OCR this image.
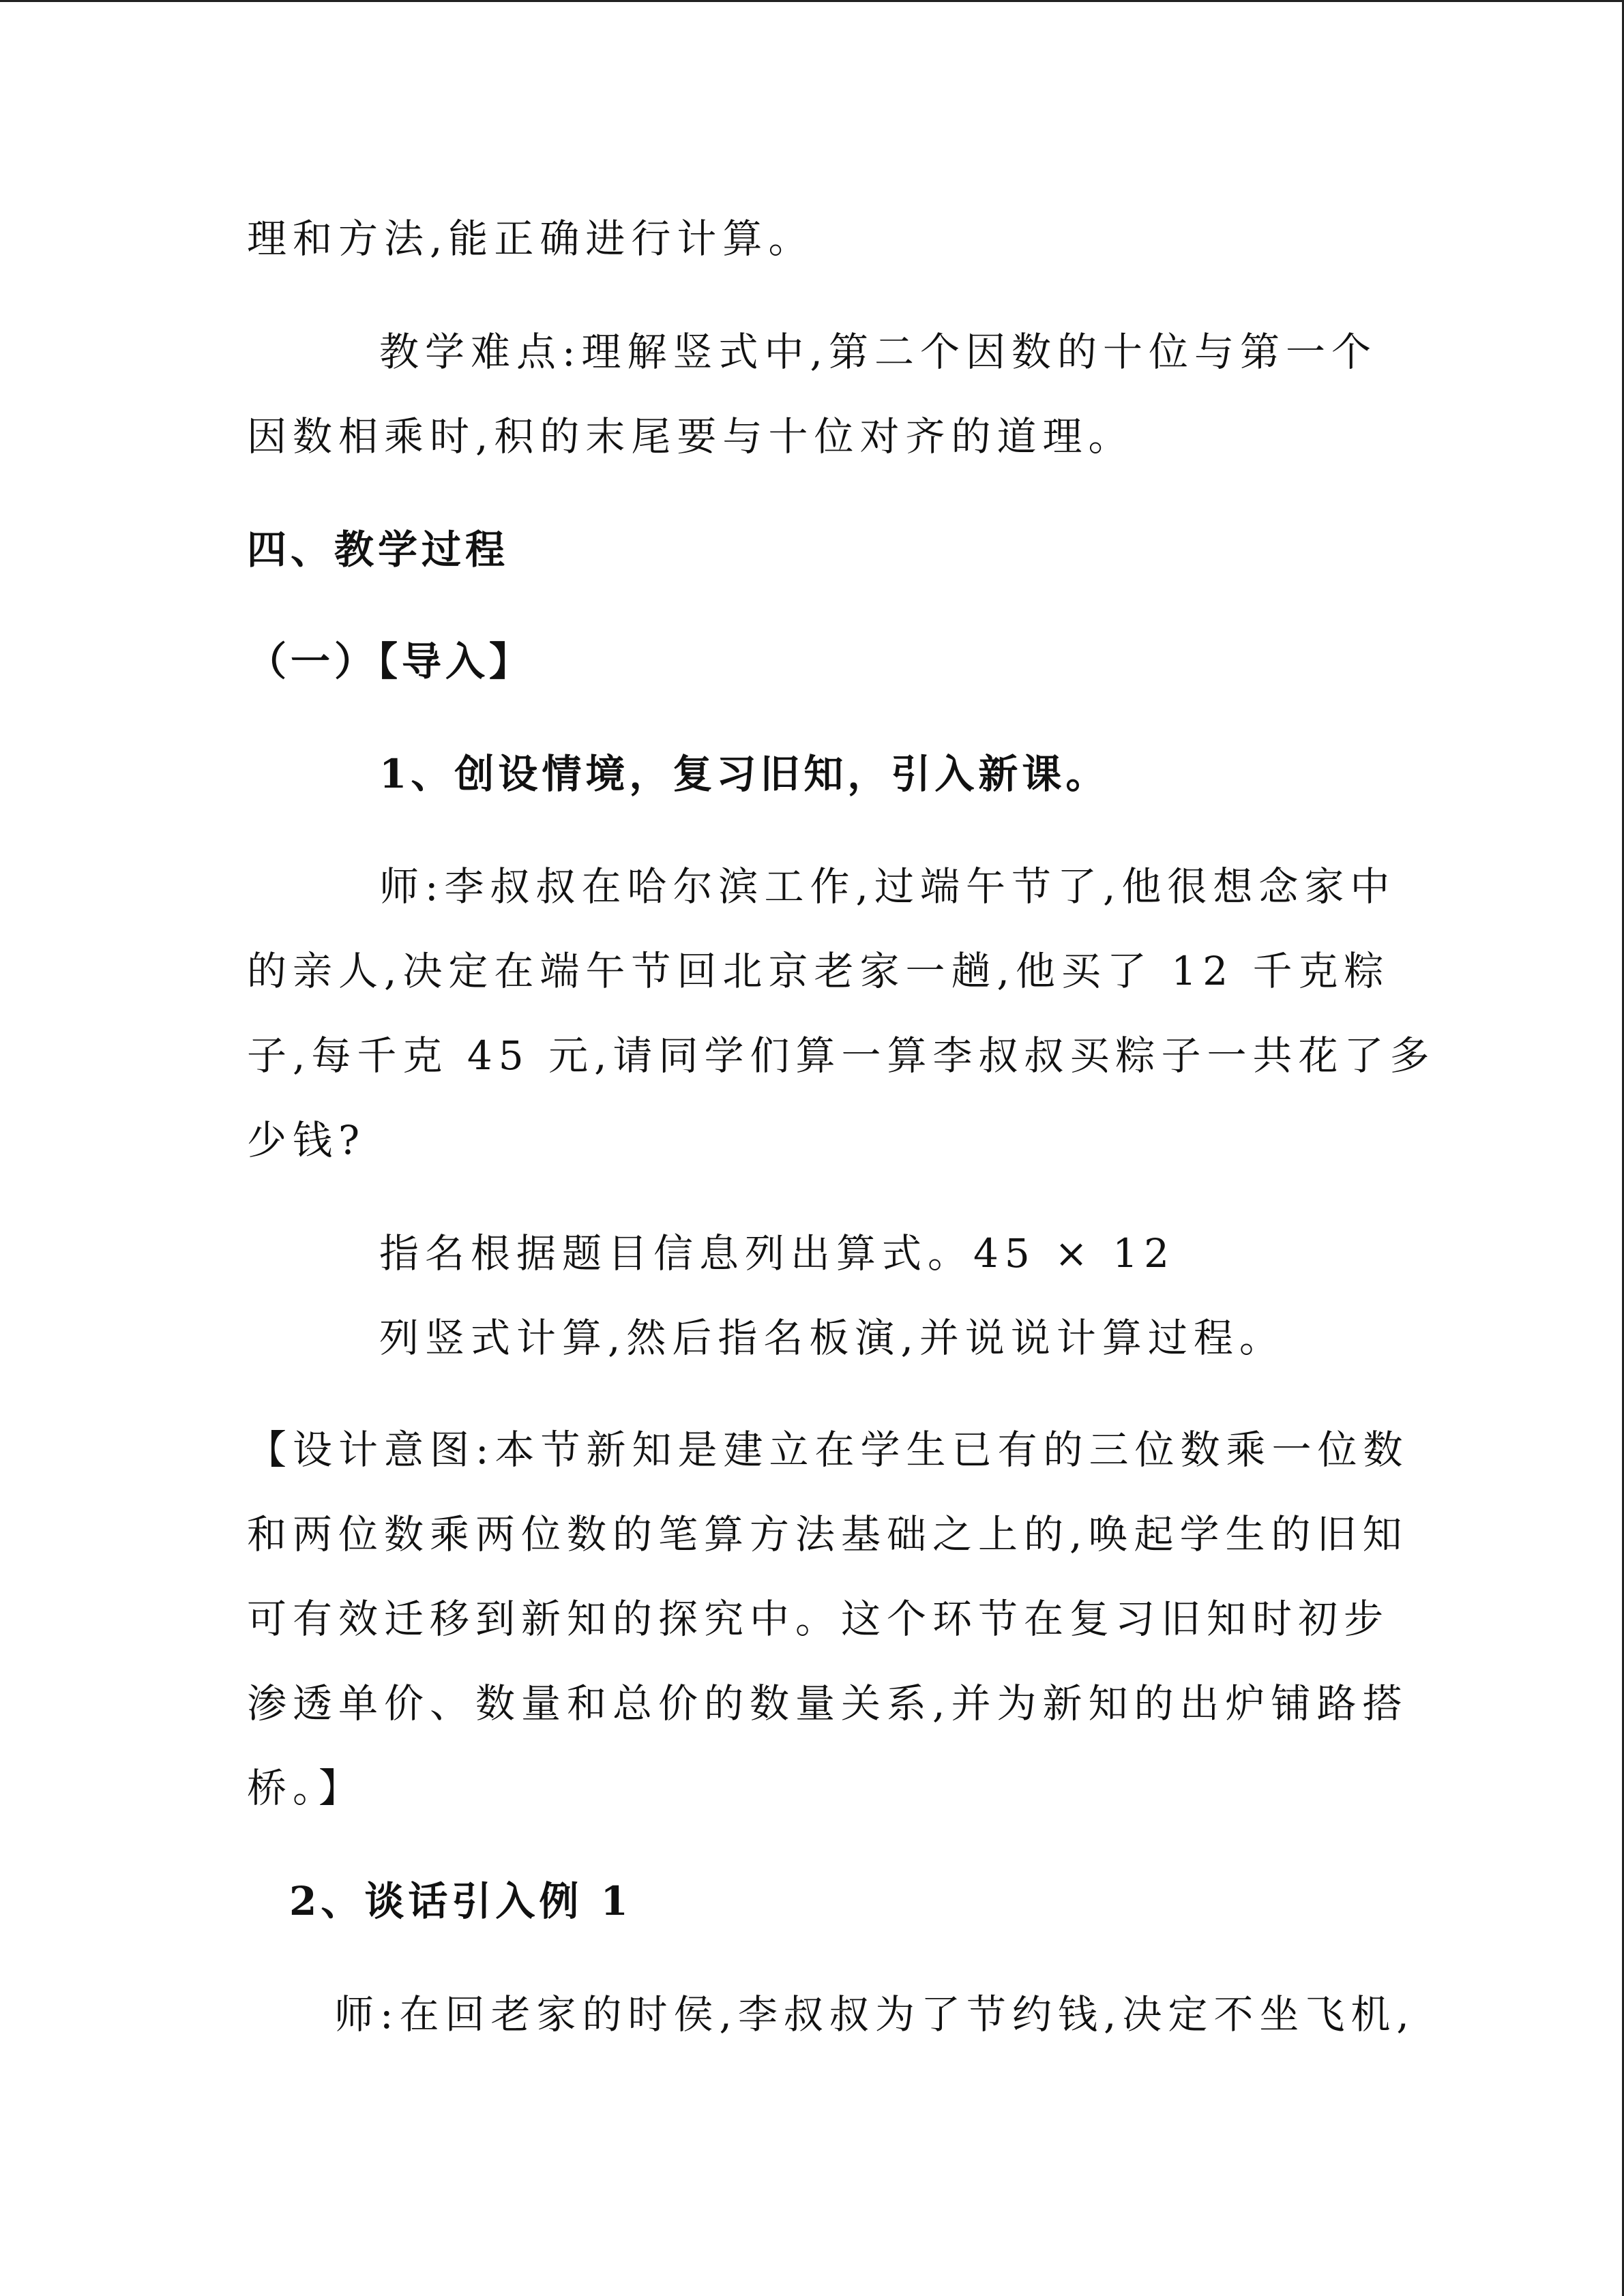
理和方法,能正确进行计算。
教学难点:理解竖式中,第二个因数的十位与第一个
因数相乘时,积的末尾要与十位对齐的道理。
四、教学过程
（一）【导入】
1、创设情境，复习旧知，引入新课。
师:李叔叔在哈尔滨工作,过端午节了,他很想念家中
的亲人,决定在端午节回北京老家一趟,他买了 12 千克粽
子,每千克 45 元,请同学们算一算李叔叔买粽子一共花了多
少钱?
指名根据题目信息列出算式。45 × 12
列竖式计算,然后指名板演,并说说计算过程。
【设计意图:本节新知是建立在学生已有的三位数乘一位数
和两位数乘两位数的笔算方法基础之上的,唤起学生的旧知
可有效迁移到新知的探究中。这个环节在复习旧知时初步
渗透单价、数量和总价的数量关系,并为新知的出炉铺路搭
桥。】
2、谈话引入例 1
师:在回老家的时侯,李叔叔为了节约钱,决定不坐飞机,
